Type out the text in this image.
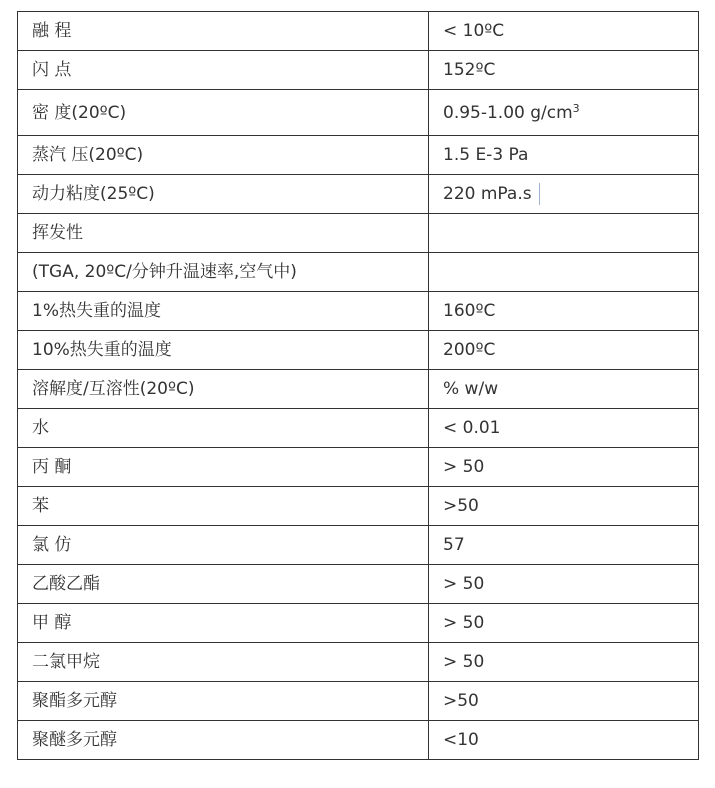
融 程	< 10ºC
闪 点	152ºC
密 度(20ºC)	0.95-1.00 $g/cm^3$
蒸汽 压(20ºC)	1.5 E-3 Pa
动力粘度(25ºC)	220 mPa.s
挥发性	
(TGA, 20ºC/分钟升温速率,空气中)	
1%热失重的温度	160ºC
10%热失重的温度	200ºC
溶解度/互溶性(20ºC)	% w/w
水	< 0.01
丙 酮	> 50
苯	>50
氯 仿	57
乙酸乙酯	> 50
甲 醇	> 50
二氯甲烷	> 50
聚酯多元醇	>50
聚醚多元醇	<10
